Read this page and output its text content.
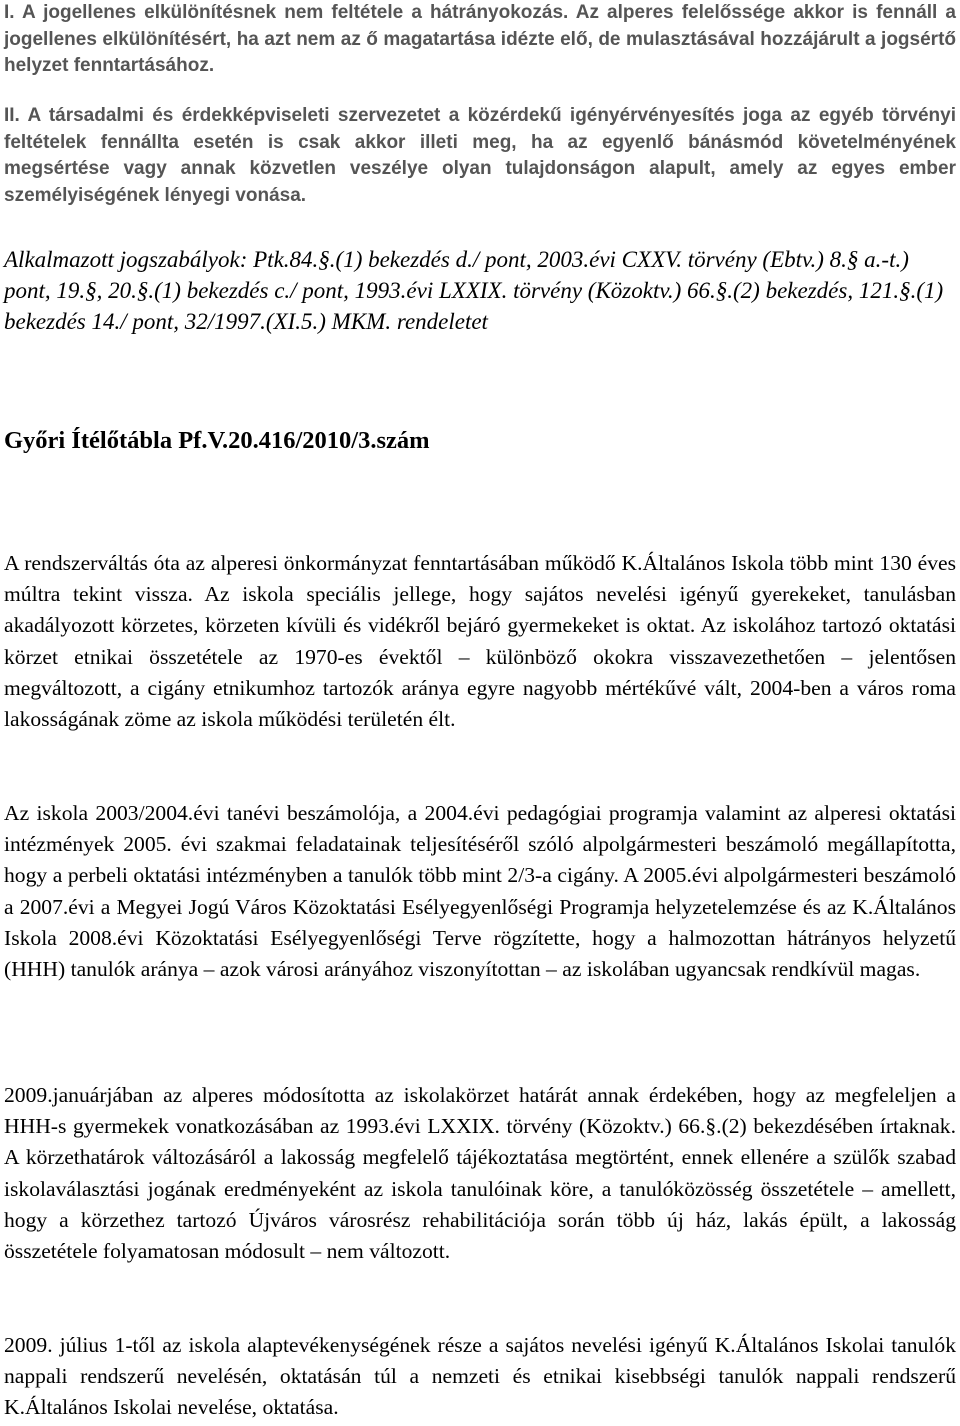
I. A jogellenes elkülönítésnek nem feltétele a hátrányokozás. Az alperes felelőssége akkor is fennáll a jogellenes elkülönítésért, ha azt nem az ő magatartása idézte elő, de mulasztásával hozzájárult a jogsértő helyzet fenntartásához.

II. A társadalmi és érdekképviseleti szervezetet a közérdekű igényérvényesítés joga az egyéb törvényi feltételek fennállta esetén is csak akkor illeti meg, ha az egyenlő bánásmód követelményének megsértése vagy annak közvetlen veszélye olyan tulajdonságon alapult, amely az egyes ember személyiségének lényegi vonása.

Alkalmazott jogszabályok: Ptk.84.§.(1) bekezdés d./ pont, 2003.évi CXXV. törvény (Ebtv.) 8.§ a.-t.) pont, 19.§, 20.§.(1) bekezdés c./ pont, 1993.évi LXXIX. törvény (Közoktv.) 66.§.(2) bekezdés, 121.§.(1) bekezdés 14./ pont, 32/1997.(XI.5.) MKM. rendeletet

Győri Ítélőtábla Pf.V.20.416/2010/3.szám

A rendszerváltás óta az alperesi önkormányzat fenntartásában működő K.Általános Iskola több mint 130 éves múltra tekint vissza. Az iskola speciális jellege, hogy sajátos nevelési igényű gyerekeket, tanulásban akadályozott körzetes, körzeten kívüli és vidékről bejáró gyermekeket is oktat. Az iskolához tartozó oktatási körzet etnikai összetétele az 1970-es évektől – különböző okokra visszavezethetően – jelentősen megváltozott, a cigány etnikumhoz tartozók aránya egyre nagyobb mértékűvé vált, 2004-ben a város roma lakosságának zöme az iskola működési területén élt.

Az iskola 2003/2004.évi tanévi beszámolója, a 2004.évi pedagógiai programja valamint az alperesi oktatási intézmények 2005. évi szakmai feladatainak teljesítéséről szóló alpolgármesteri beszámoló megállapította, hogy a perbeli oktatási intézményben a tanulók több mint 2/3-a cigány. A 2005.évi alpolgármesteri beszámoló a 2007.évi a Megyei Jogú Város Közoktatási Esélyegyenlőségi Programja helyzetelemzése és az K.Általános Iskola 2008.évi Közoktatási Esélyegyenlőségi Terve rögzítette, hogy a halmozottan hátrányos helyzetű (HHH) tanulók aránya – azok városi arányához viszonyítottan – az iskolában ugyancsak rendkívül magas.

2009.januárjában az alperes módosította az iskolakörzet határát annak érdekében, hogy az megfeleljen a HHH-s gyermekek vonatkozásában az 1993.évi LXXIX. törvény (Közoktv.) 66.§.(2) bekezdésében írtaknak. A körzethatárok változásáról a lakosság megfelelő tájékoztatása megtörtént, ennek ellenére a szülők szabad iskolaválasztási jogának eredményeként az iskola tanulóinak köre, a tanulóközösség összetétele – amellett, hogy a körzethez tartozó Újváros városrész rehabilitációja során több új ház, lakás épült, a lakosság összetétele folyamatosan módosult – nem változott.

2009. július 1-től az iskola alaptevékenységének része a sajátos nevelési igényű K.Általános Iskolai tanulók nappali rendszerű nevelésén, oktatásán túl a nemzeti és etnikai kisebbségi tanulók nappali rendszerű K.Általános Iskolai nevelése, oktatása.
